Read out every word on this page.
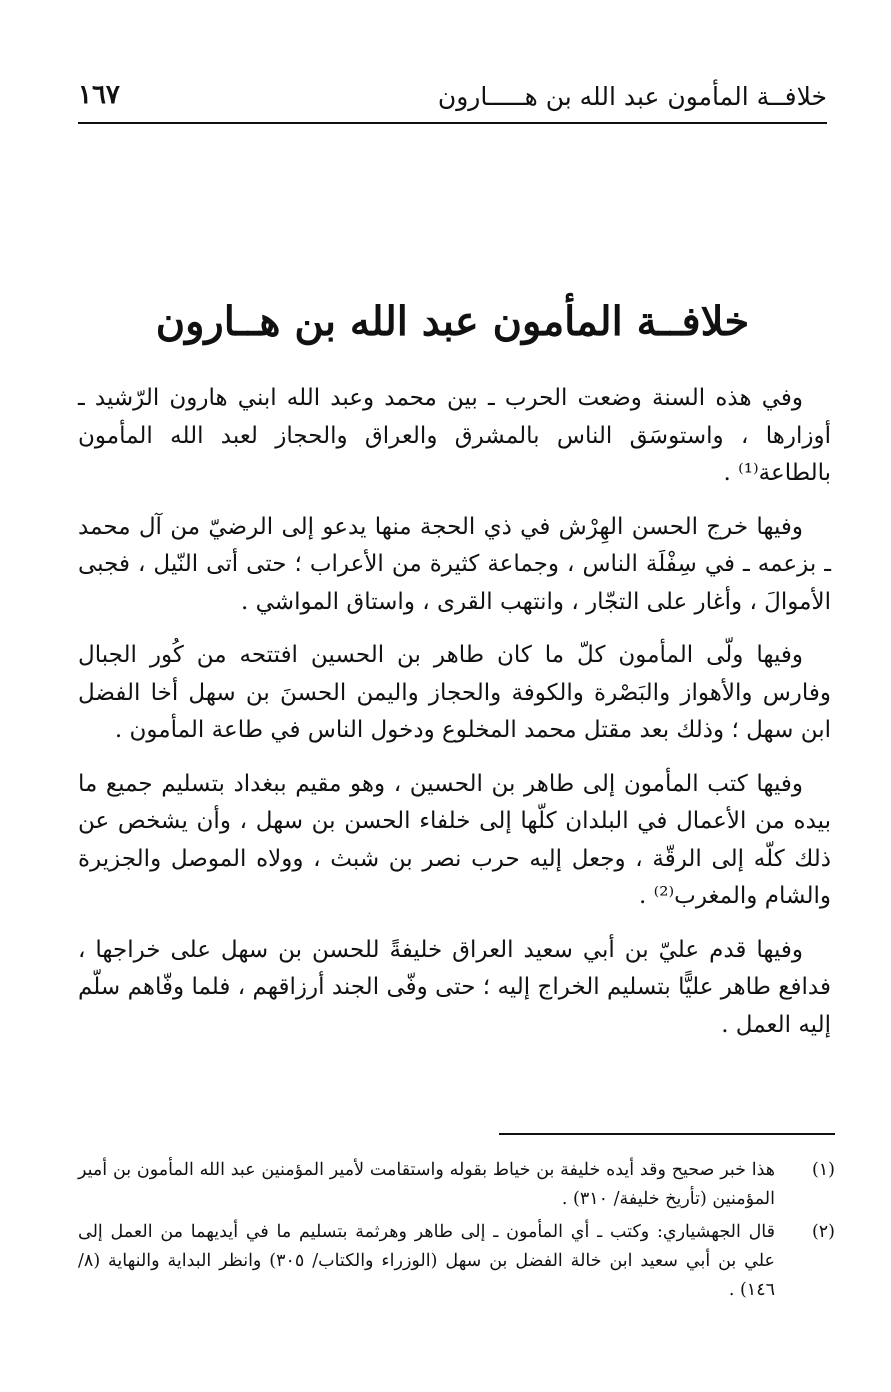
خلافــة المأمون عبد الله بن هـــــارون
١٦٧
خلافــة المأمون عبد الله بن هــارون

وفي هذه السنة وضعت الحرب ـ بين محمد وعبد الله ابني هارون الرّشيد ـ أوزارها ، واستوسَق الناس بالمشرق والعراق والحجاز لعبد الله المأمون بالطاعة⁽¹⁾ .

وفيها خرج الحسن الهِرْش في ذي الحجة منها يدعو إلى الرضيّ من آل محمد ـ بزعمه ـ في سِفْلَة الناس ، وجماعة كثيرة من الأعراب ؛ حتى أتى النّيل ، فجبى الأموالَ ، وأغار على التجّار ، وانتهب القرى ، واستاق المواشي .

وفيها ولّى المأمون كلّ ما كان طاهر بن الحسين افتتحه من كُور الجبال وفارس والأهواز والبَصْرة والكوفة والحجاز واليمن الحسنَ بن سهل أخا الفضل ابن سهل ؛ وذلك بعد مقتل محمد المخلوع ودخول الناس في طاعة المأمون .

وفيها كتب المأمون إلى طاهر بن الحسين ، وهو مقيم ببغداد بتسليم جميع ما بيده من الأعمال في البلدان كلّها إلى خلفاء الحسن بن سهل ، وأن يشخص عن ذلك كلّه إلى الرقّة ، وجعل إليه حرب نصر بن شبث ، وولاه الموصل والجزيرة والشام والمغرب⁽²⁾ .

وفيها قدم عليّ بن أبي سعيد العراق خليفةً للحسن بن سهل على خراجها ، فدافع طاهر عليًّا بتسليم الخراج إليه ؛ حتى وفّى الجند أرزاقهم ، فلما وفّاهم سلّم إليه العمل .

(١)
هذا خبر صحيح وقد أيده خليفة بن خياط بقوله واستقامت لأمير المؤمنين عبد الله المأمون بن أمير المؤمنين (تأريخ خليفة/ ٣١٠) .
(٢)
قال الجهشياري: وكتب ـ أي المأمون ـ إلى طاهر وهرثمة بتسليم ما في أيديهما من العمل إلى علي بن أبي سعيد ابن خالة الفضل بن سهل (الوزراء والكتاب/ ٣٠٥) وانظر البداية والنهاية (٨/ ١٤٦) .
